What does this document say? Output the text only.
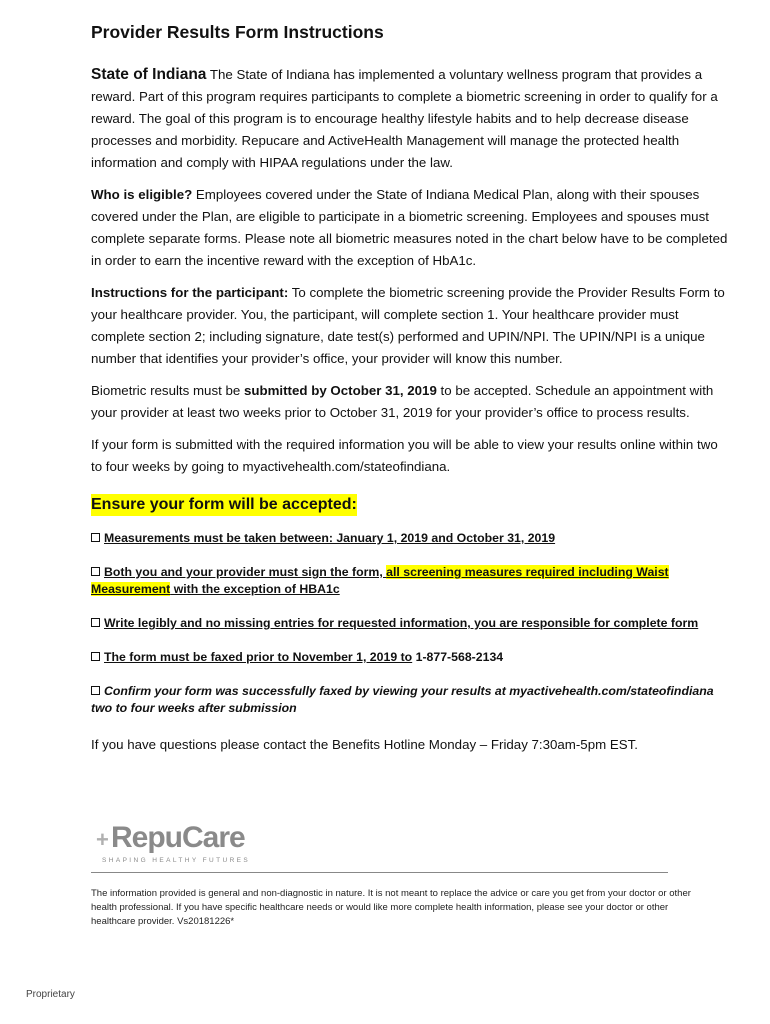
Provider Results Form Instructions

State of Indiana The State of Indiana has implemented a voluntary wellness program that provides a reward. Part of this program requires participants to complete a biometric screening in order to qualify for a reward. The goal of this program is to encourage healthy lifestyle habits and to help decrease disease processes and morbidity. Repucare and ActiveHealth Management will manage the protected health information and comply with HIPAA regulations under the law.

Who is eligible? Employees covered under the State of Indiana Medical Plan, along with their spouses covered under the Plan, are eligible to participate in a biometric screening. Employees and spouses must complete separate forms. Please note all biometric measures noted in the chart below have to be completed in order to earn the incentive reward with the exception of HbA1c.

Instructions for the participant: To complete the biometric screening provide the Provider Results Form to your healthcare provider. You, the participant, will complete section 1. Your healthcare provider must complete section 2; including signature, date test(s) performed and UPIN/NPI. The UPIN/NPI is a unique number that identifies your provider’s office, your provider will know this number.

Biometric results must be submitted by October 31, 2019 to be accepted. Schedule an appointment with your provider at least two weeks prior to October 31, 2019 for your provider’s office to process results.

If your form is submitted with the required information you will be able to view your results online within two to four weeks by going to myactivehealth.com/stateofindiana.

Ensure your form will be accepted:
Measurements must be taken between: January 1, 2019 and October 31, 2019
Both you and your provider must sign the form, all screening measures required including Waist Measurement with the exception of HBA1c
Write legibly and no missing entries for requested information, you are responsible for complete form
The form must be faxed prior to November 1, 2019 to 1-877-568-2134
Confirm your form was successfully faxed by viewing your results at myactivehealth.com/stateofindiana two to four weeks after submission
If you have questions please contact the Benefits Hotline Monday – Friday 7:30am-5pm EST.
+ RepuCare
SHAPING HEALTHY FUTURES
The information provided is general and non-diagnostic in nature. It is not meant to replace the advice or care you get from your doctor or other health professional. If you have specific healthcare needs or would like more complete health information, please see your doctor or other healthcare provider. Vs20181226*
Proprietary
